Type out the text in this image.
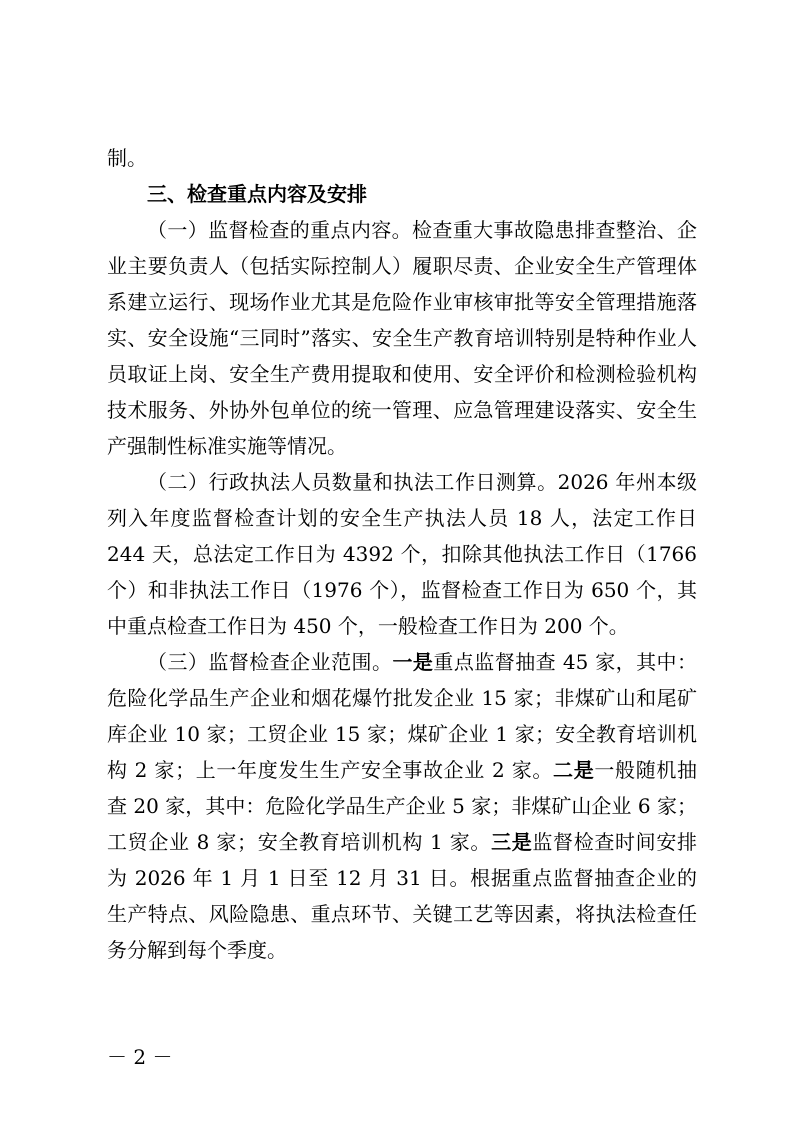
制。

三、检查重点内容及安排

（一）监督检查的重点内容。检查重大事故隐患排查整治、企业主要负责人（包括实际控制人）履职尽责、企业安全生产管理体系建立运行、现场作业尤其是危险作业审核审批等安全管理措施落实、安全设施“三同时”落实、安全生产教育培训特别是特种作业人员取证上岗、安全生产费用提取和使用、安全评价和检测检验机构技术服务、外协外包单位的统一管理、应急管理建设落实、安全生产强制性标准实施等情况。

（二）行政执法人员数量和执法工作日测算。2026 年州本级列入年度监督检查计划的安全生产执法人员 18 人，法定工作日 244 天，总法定工作日为 4392 个，扣除其他执法工作日（1766 个）和非执法工作日（1976 个），监督检查工作日为 650 个，其中重点检查工作日为 450 个，一般检查工作日为 200 个。

（三）监督检查企业范围。一是重点监督抽查 45 家，其中：危险化学品生产企业和烟花爆竹批发企业 15 家；非煤矿山和尾矿库企业 10 家；工贸企业 15 家；煤矿企业 1 家；安全教育培训机构 2 家；上一年度发生生产安全事故企业 2 家。二是一般随机抽查 20 家，其中：危险化学品生产企业 5 家；非煤矿山企业 6 家；工贸企业 8 家；安全教育培训机构 1 家。三是监督检查时间安排为 2026 年 1 月 1 日至 12 月 31 日。根据重点监督抽查企业的生产特点、风险隐患、重点环节、关键工艺等因素，将执法检查任务分解到每个季度。

－ 2 －
